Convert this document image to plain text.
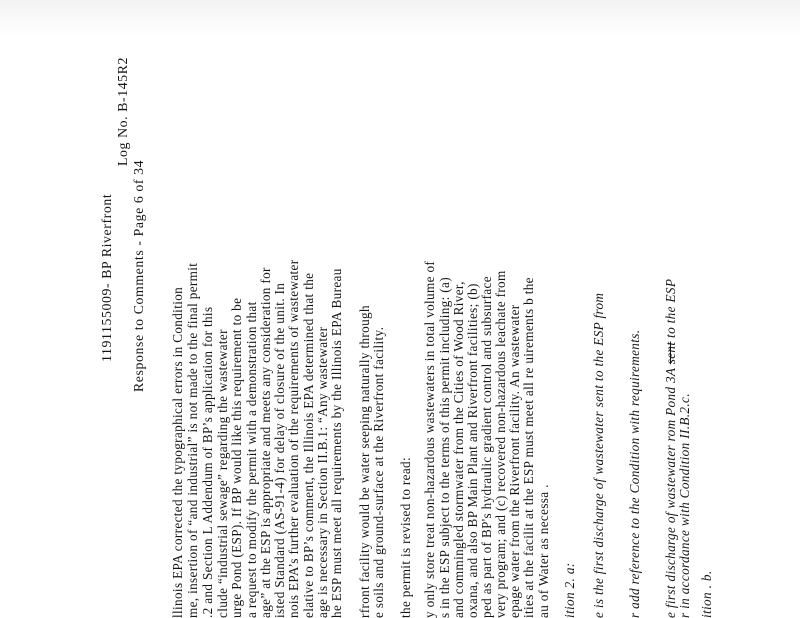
1191155009- BP Riverfront
Log No. B-145R2
Response to Comments - Page 6 of 34
llinois EPA corrected the typographical errors in Condition me, insertion of “and industrial” is not made to the final permit .2 and Section L Addendum of BP’s application for this clude “industrial sewage” regarding the wastewater urge Pond (ESP). If BP would like this requirement to be a request to modify the permit with a demonstration that age” at the ESP is appropriate and meets any consideration for isted Standard (AS-91-4) for delay of closure of the unit. In nois EPA’s further evaluation of the requirements of wastewater elative to BP’s comment, the Illinois EPA determined that the age is necessary in Section II.B.1: “Any wastewater he ESP must meet all requirements by the Illinois EPA Bureau rfront facility would be water seeping naturally through e soils and ground-surface at the Riverfront facility. the permit is revised to read: y only store treat non-hazardous wastewaters in total volume of s in the ESP subject to the terms of this permit including: (a) and commingled stormwater from the Cities of Wood River, oxana, and also BP Main Plant and Riverfront facilities; (b) ped as part of BP's hydraulic gradient control and subsurface very program; and (c) recovered non-hazardous leachate from epage water from the Riverfront facility. An wastewater ities at the facilit at the ESP must meet all re uirements b the au of Water as necessa . ition 2. a: e is the first discharge of wastewater sent to the ESP from r add reference to the Condition with requirements. e first discharge of wastewater rom Pond 3A sent to the ESP
r in accordance with Condition II.B.2.c. ition . b.
